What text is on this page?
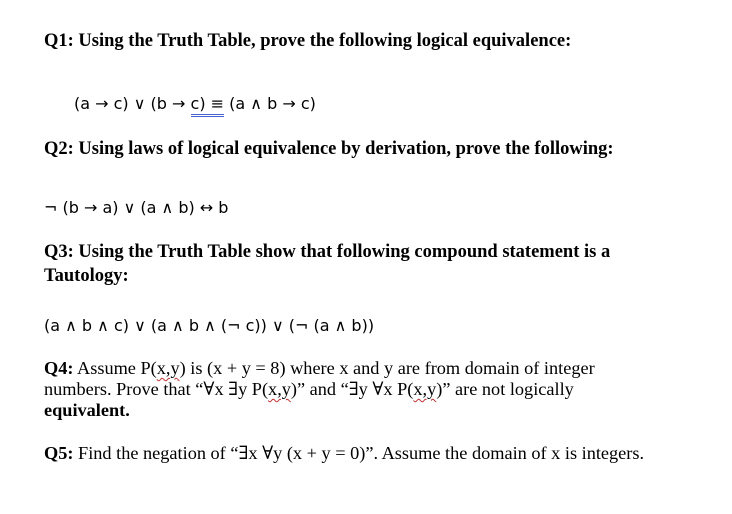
Q1: Using the Truth Table, prove the following logical equivalence:
(a → c) ∨ (b → c) ≡ (a ∧ b → c)
Q2: Using laws of logical equivalence by derivation, prove the following:
¬ (b → a) ∨ (a ∧ b) ↔ b
Q3: Using the Truth Table show that following compound statement is a
Tautology:
(a ∧ b ∧ c) ∨ (a ∧ b ∧ (¬ c)) ∨ (¬ (a ∧ b))
Q4: Assume P(x,y) is (x + y = 8) where x and y are from domain of integer
numbers. Prove that “∀x ∃y P(x,y)” and “∃y ∀x P(x,y)” are not logically
equivalent.
Q5: Find the negation of “∃x ∀y (x + y = 0)”. Assume the domain of x is integers.
